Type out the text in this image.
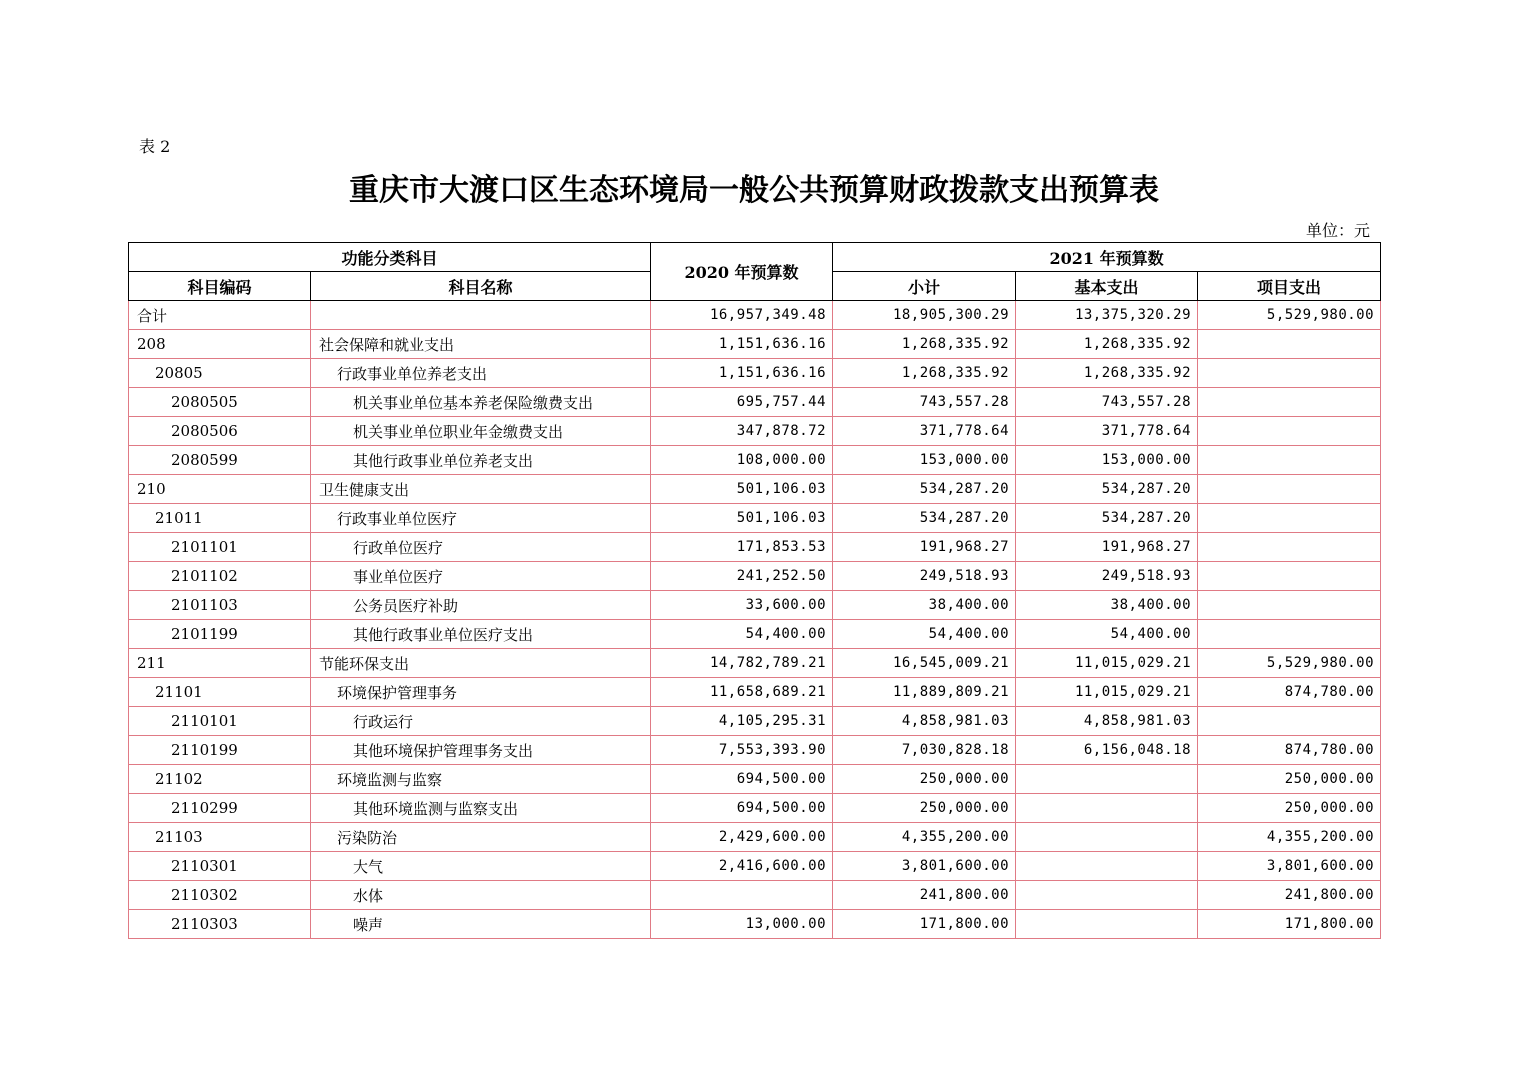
表 2
重庆市大渡口区生态环境局一般公共预算财政拨款支出预算表
单位：元
功能分类科目		2020 年预算数	2021 年预算数		
科目编码	科目名称		小计	基本支出	项目支出
合计		16,957,349.48	18,905,300.29	13,375,320.29	5,529,980.00
208	社会保障和就业支出	1,151,636.16	1,268,335.92	1,268,335.92	
20805	行政事业单位养老支出	1,151,636.16	1,268,335.92	1,268,335.92	
2080505	机关事业单位基本养老保险缴费支出	695,757.44	743,557.28	743,557.28	
2080506	机关事业单位职业年金缴费支出	347,878.72	371,778.64	371,778.64	
2080599	其他行政事业单位养老支出	108,000.00	153,000.00	153,000.00	
210	卫生健康支出	501,106.03	534,287.20	534,287.20	
21011	行政事业单位医疗	501,106.03	534,287.20	534,287.20	
2101101	行政单位医疗	171,853.53	191,968.27	191,968.27	
2101102	事业单位医疗	241,252.50	249,518.93	249,518.93	
2101103	公务员医疗补助	33,600.00	38,400.00	38,400.00	
2101199	其他行政事业单位医疗支出	54,400.00	54,400.00	54,400.00	
211	节能环保支出	14,782,789.21	16,545,009.21	11,015,029.21	5,529,980.00
21101	环境保护管理事务	11,658,689.21	11,889,809.21	11,015,029.21	874,780.00
2110101	行政运行	4,105,295.31	4,858,981.03	4,858,981.03	
2110199	其他环境保护管理事务支出	7,553,393.90	7,030,828.18	6,156,048.18	874,780.00
21102	环境监测与监察	694,500.00	250,000.00		250,000.00
2110299	其他环境监测与监察支出	694,500.00	250,000.00		250,000.00
21103	污染防治	2,429,600.00	4,355,200.00		4,355,200.00
2110301	大气	2,416,600.00	3,801,600.00		3,801,600.00
2110302	水体		241,800.00		241,800.00
2110303	噪声	13,000.00	171,800.00		171,800.00
